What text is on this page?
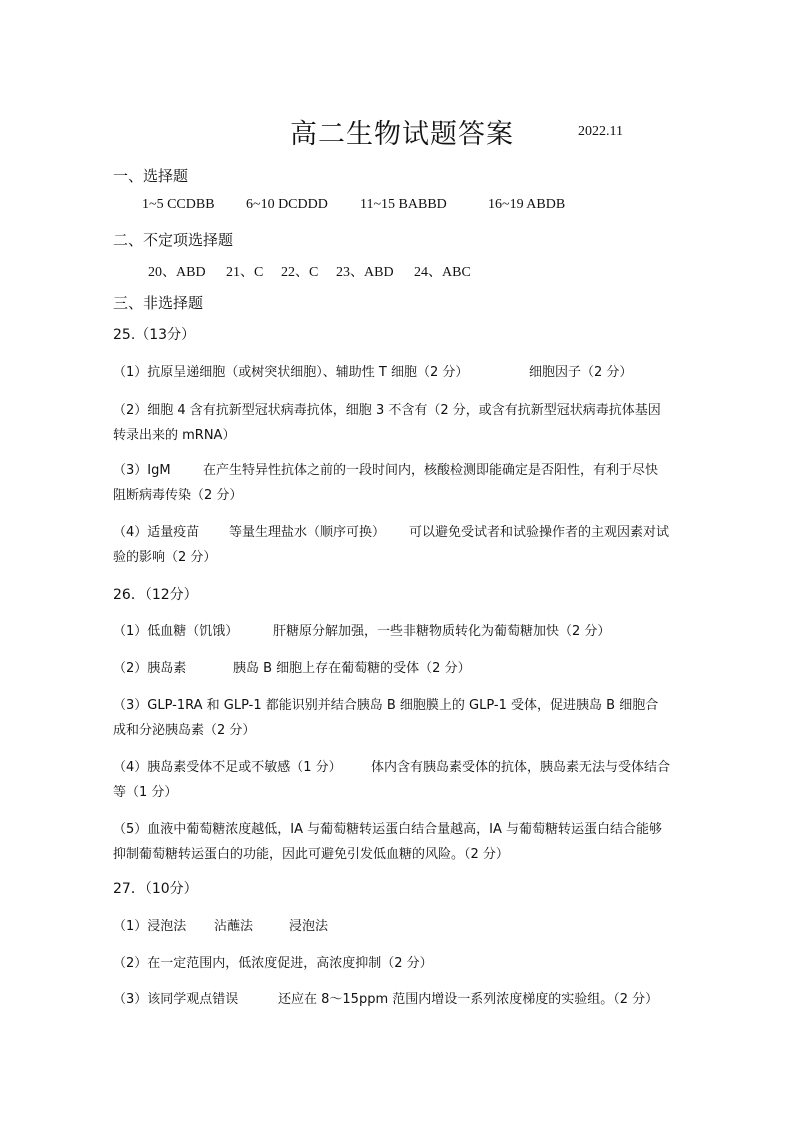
高二生物试题答案	2022.11
一、选择题
1~5 CCDBB 6~10 DCDDD 11~15 BABBD	16~19 ABDB
二、不定项选择题
20、ABD 21、C 22、C 23、ABD 24、ABC
三、非选择题
25.（13分）
（1）抗原呈递细胞（或树突状细胞）、辅助性 T 细胞（2 分）	细胞因子（2 分）
（2）细胞 4 含有抗新型冠状病毒抗体，细胞 3 不含有（2 分，或含有抗新型冠状病毒抗体基因
转录出来的 mRNA）
（3）IgM 在产生特异性抗体之前的一段时间内，核酸检测即能确定是否阳性，有利于尽快
阻断病毒传染（2 分）
（4）适量疫苗 等量生理盐水（顺序可换） 可以避免受试者和试验操作者的主观因素对试
验的影响（2 分）
26．（12分）
（1）低血糖（饥饿）	肝糖原分解加强，一些非糖物质转化为葡萄糖加快（2 分）
（2）胰岛素	胰岛 B 细胞上存在葡萄糖的受体（2 分）
（3）GLP-1RA 和 GLP-1 都能识别并结合胰岛 B 细胞膜上的 GLP-1 受体，促进胰岛 B 细胞合
成和分泌胰岛素（2 分）
（4）胰岛素受体不足或不敏感（1 分） 体内含有胰岛素受体的抗体，胰岛素无法与受体结合
等（1 分）
（5）血液中葡萄糖浓度越低，IA 与葡萄糖转运蛋白结合量越高，IA 与葡萄糖转运蛋白结合能够
抑制葡萄糖转运蛋白的功能，因此可避免引发低血糖的风险。（2 分）
27．（10分）
（1）浸泡法 沾蘸法	浸泡法
（2）在一定范围内，低浓度促进，高浓度抑制（2 分）
（3）该同学观点错误	还应在 8～15ppm 范围内增设一系列浓度梯度的实验组。（2 分）
